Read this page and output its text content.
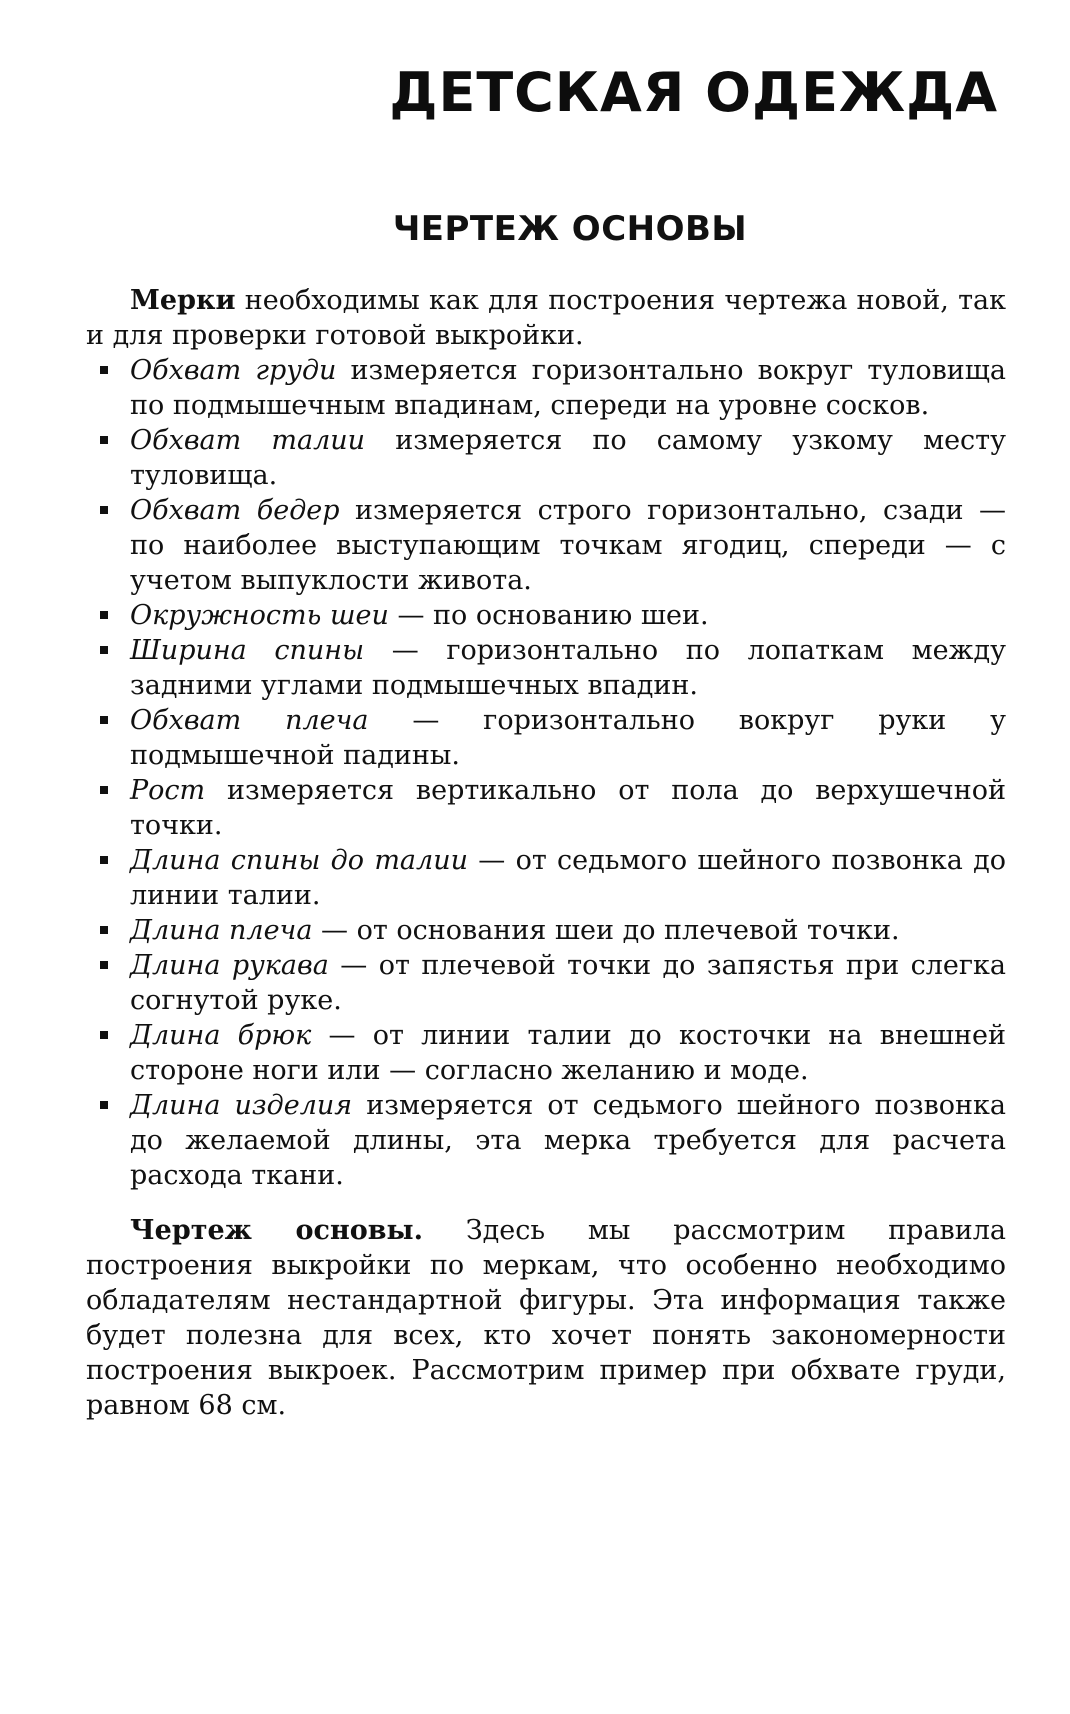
ДЕТСКАЯ ОДЕЖДА
ЧЕРТЕЖ ОСНОВЫ

Мерки необходимы как для построения чертежа новой, так и для проверки готовой выкройки.

Обхват груди измеряется горизонтально вокруг туловища по подмышечным впадинам, спереди на уровне сосков.
Обхват талии измеряется по самому узкому месту туловища.
Обхват бедер измеряется строго горизонтально, сзади — по наиболее выступающим точкам ягодиц, спереди — с учетом выпуклости живота.
Окружность шеи — по основанию шеи.
Ширина спины — горизонтально по лопаткам между задними углами подмышечных впадин.
Обхват плеча — горизонтально вокруг руки у подмышечной падины.
Рост измеряется вертикально от пола до верхушечной точки.
Длина спины до талии — от седьмого шейного позвонка до линии талии.
Длина плеча — от основания шеи до плечевой точки.
Длина рукава — от плечевой точки до запястья при слегка согнутой руке.
Длина брюк — от линии талии до косточки на внешней стороне ноги или — согласно желанию и моде.
Длина изделия измеряется от седьмого шейного позвонка до желаемой длины, эта мерка требуется для расчета расхода ткани.

Чертеж основы. Здесь мы рассмотрим правила построения выкройки по меркам, что особенно необходимо обладателям нестандартной фигуры. Эта информация также будет полезна для всех, кто хочет понять закономерности построения выкроек. Рассмотрим пример при обхвате груди, равном 68 см.
